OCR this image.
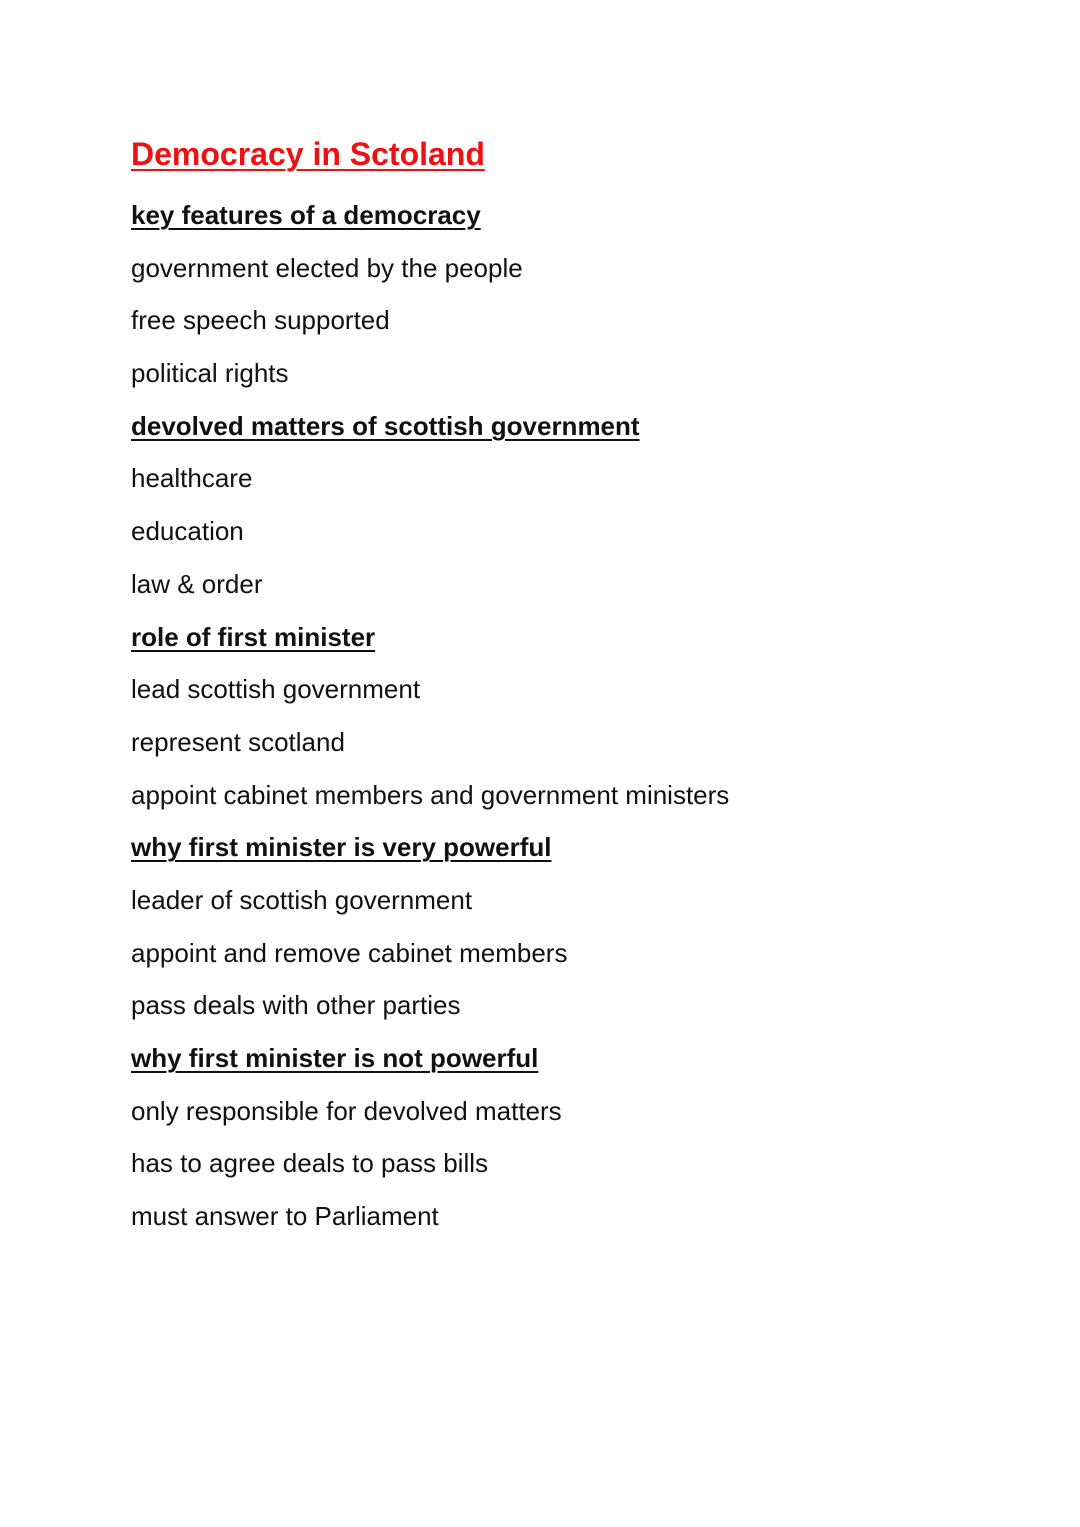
Democracy in Sctoland
key features of a democracy
government elected by the people
free speech supported
political rights
devolved matters of scottish government
healthcare
education
law & order
role of first minister
lead scottish government
represent scotland
appoint cabinet members and government ministers
why first minister is very powerful
leader of scottish government
appoint and remove cabinet members
pass deals with other parties
why first minister is not powerful
only responsible for devolved matters
has to agree deals to pass bills
must answer to Parliament
